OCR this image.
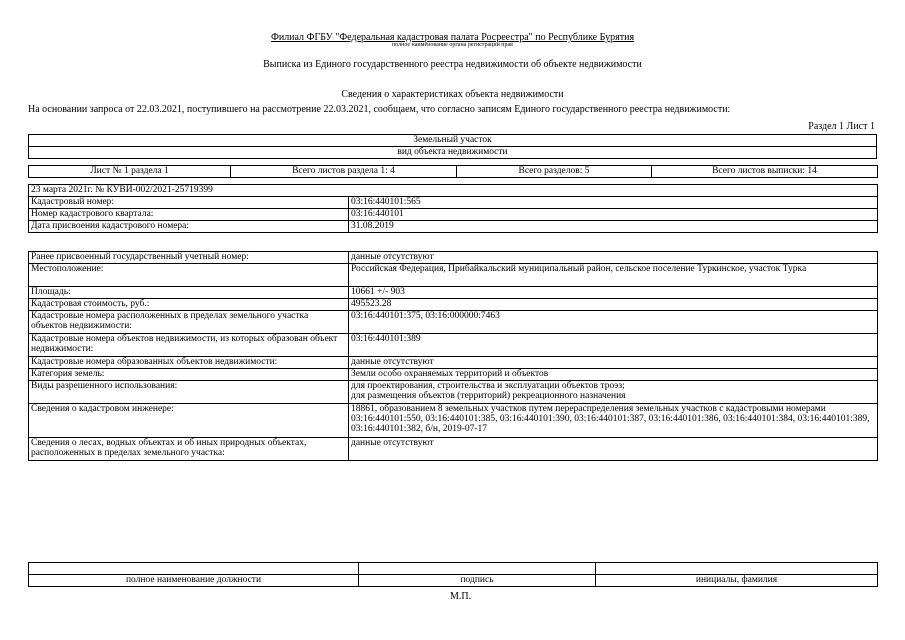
Филиал ФГБУ "Федеральная кадастровая палата Росреестра" по Республике Бурятия
полное наименование органа регистрации прав
Выписка из Единого государственного реестра недвижимости об объекте недвижимости
Сведения о характеристиках объекта недвижимости
На основании запроса от 22.03.2021, поступившего на рассмотрение 22.03.2021, сообщаем, что согласно записям Единого государственного реестра недвижимости:
Раздел 1 Лист 1
Земельный участок
вид объекта недвижимости
Лист № 1 раздела 1	Всего листов раздела 1: 4	Всего разделов: 5	Всего листов выписки: 14
23 марта 2021г. № КУВИ-002/2021-25719399	
Кадастровый номер:	03:16:440101:565
Номер кадастрового квартала:	03:16:440101
Дата присвоения кадастрового номера:	31.08.2019
Ранее присвоенный государственный учетный номер:	данные отсутствуют
Местоположение:	Российская Федерация, Прибайкальский муниципальный район, сельское поселение Туркинское, участок Турка
Площадь:	10661 +/- 903
Кадастровая стоимость, руб.:	495523.28
Кадастровые номера расположенных в пределах земельного участка объектов недвижимости:	03:16:440101:375, 03:16:000000:7463
Кадастровые номера объектов недвижимости, из которых образован объект недвижимости:	03:16:440101:389
Кадастровые номера образованных объектов недвижимости:	данные отсутствуют
Категория земель:	Земли особо охраняемых территорий и объектов
Виды разрешенного использования:	для проектирования, строительства и эксплуатации объектов троэз;
для размещения объектов (территорий) рекреационного назначения

Сведения о кадастровом инженере:	18861, образованием 8 земельных участков путем перераспределения земельных участков с кадастровыми номерами 03:16:440101:550, 03:16:440101:385, 03:16:440101:390, 03:16:440101:387, 03:16:440101:386, 03:16:440101:384, 03:16:440101:389, 03:16:440101:382, б/н, 2019-07-17
Сведения о лесах, водных объектах и об иных природных объектах, расположенных в пределах земельного участка:	данные отсутствуют

полное наименование должности	подпись	инициалы, фамилия
М.П.
